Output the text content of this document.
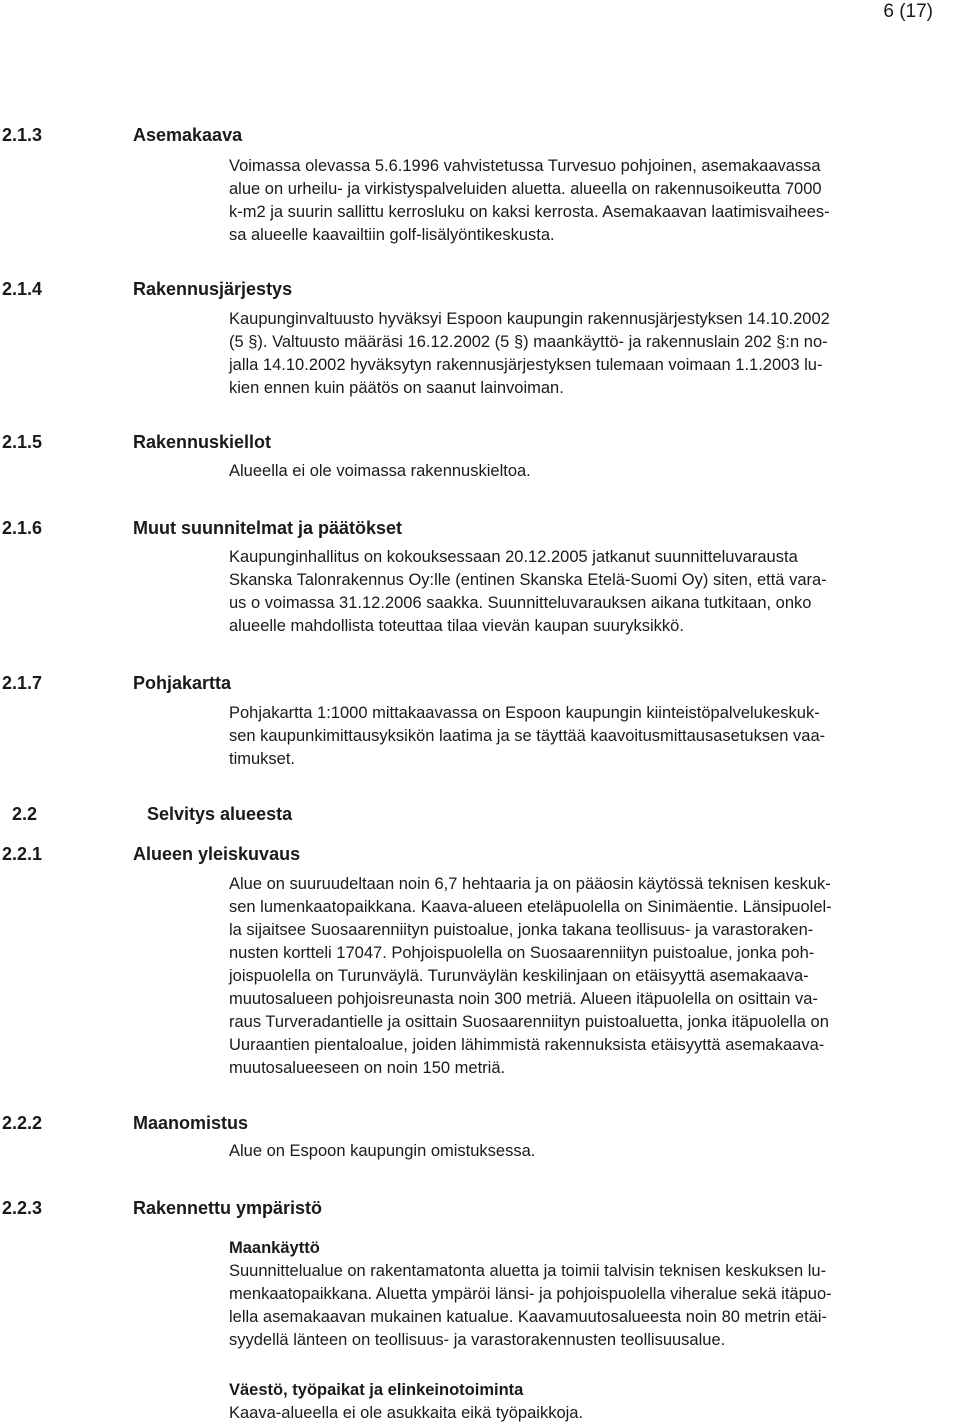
6 (17)
2.1.3	Asemakaava
Voimassa olevassa 5.6.1996 vahvistetussa Turvesuo pohjoinen, asemakaavassa
alue on urheilu- ja virkistyspalveluiden aluetta. alueella on rakennusoikeutta 7000
k-m2 ja suurin sallittu kerrosluku on kaksi kerrosta. Asemakaavan laatimisvaihees-
sa alueelle kaavailtiin golf-lisälyöntikeskusta.
2.1.4	Rakennusjärjestys
Kaupunginvaltuusto hyväksyi Espoon kaupungin rakennusjärjestyksen 14.10.2002
(5 §). Valtuusto määräsi 16.12.2002 (5 §) maankäyttö- ja rakennuslain 202 §:n no-
jalla 14.10.2002 hyväksytyn rakennusjärjestyksen tulemaan voimaan 1.1.2003 lu-
kien ennen kuin päätös on saanut lainvoiman.
2.1.5	Rakennuskiellot
Alueella ei ole voimassa rakennuskieltoa.
2.1.6	Muut suunnitelmat ja päätökset
Kaupunginhallitus on kokouksessaan 20.12.2005 jatkanut suunnitteluvarausta
Skanska Talonrakennus Oy:lle (entinen Skanska Etelä-Suomi Oy) siten, että vara-
us o voimassa 31.12.2006 saakka. Suunnitteluvarauksen aikana tutkitaan, onko
alueelle mahdollista toteuttaa tilaa vievän kaupan suuryksikkö.
2.1.7	Pohjakartta
Pohjakartta 1:1000 mittakaavassa on Espoon kaupungin kiinteistöpalvelukeskuk-
sen kaupunkimittausyksikön laatima ja se täyttää kaavoitusmittausasetuksen vaa-
timukset.
2.2	Selvitys alueesta
2.2.1	Alueen yleiskuvaus
Alue on suuruudeltaan noin 6,7 hehtaaria ja on pääosin käytössä teknisen keskuk-
sen lumenkaatopaikkana. Kaava-alueen eteläpuolella on Sinimäentie. Länsipuolel-
la sijaitsee Suosaarenniityn puistoalue, jonka takana teollisuus- ja varastoraken-
nusten kortteli 17047. Pohjoispuolella on Suosaarenniityn puistoalue, jonka poh-
joispuolella on Turunväylä. Turunväylän keskilinjaan on etäisyyttä asemakaava-
muutosalueen pohjoisreunasta noin 300 metriä. Alueen itäpuolella on osittain va-
raus Turveradantielle ja osittain Suosaarenniityn puistoaluetta, jonka itäpuolella on
Uuraantien pientaloalue, joiden lähimmistä rakennuksista etäisyyttä asemakaava-
muutosalueeseen on noin 150 metriä.
2.2.2	Maanomistus
Alue on Espoon kaupungin omistuksessa.
2.2.3	Rakennettu ympäristö
Maankäyttö
Suunnittelualue on rakentamatonta aluetta ja toimii talvisin teknisen keskuksen lu-
menkaatopaikkana. Aluetta ympäröi länsi- ja pohjoispuolella viheralue sekä itäpuo-
lella asemakaavan mukainen katualue. Kaavamuutosalueesta noin 80 metrin etäi-
syydellä länteen on teollisuus- ja varastorakennusten teollisuusalue.
Väestö, työpaikat ja elinkeinotoiminta
Kaava-alueella ei ole asukkaita eikä työpaikkoja.
